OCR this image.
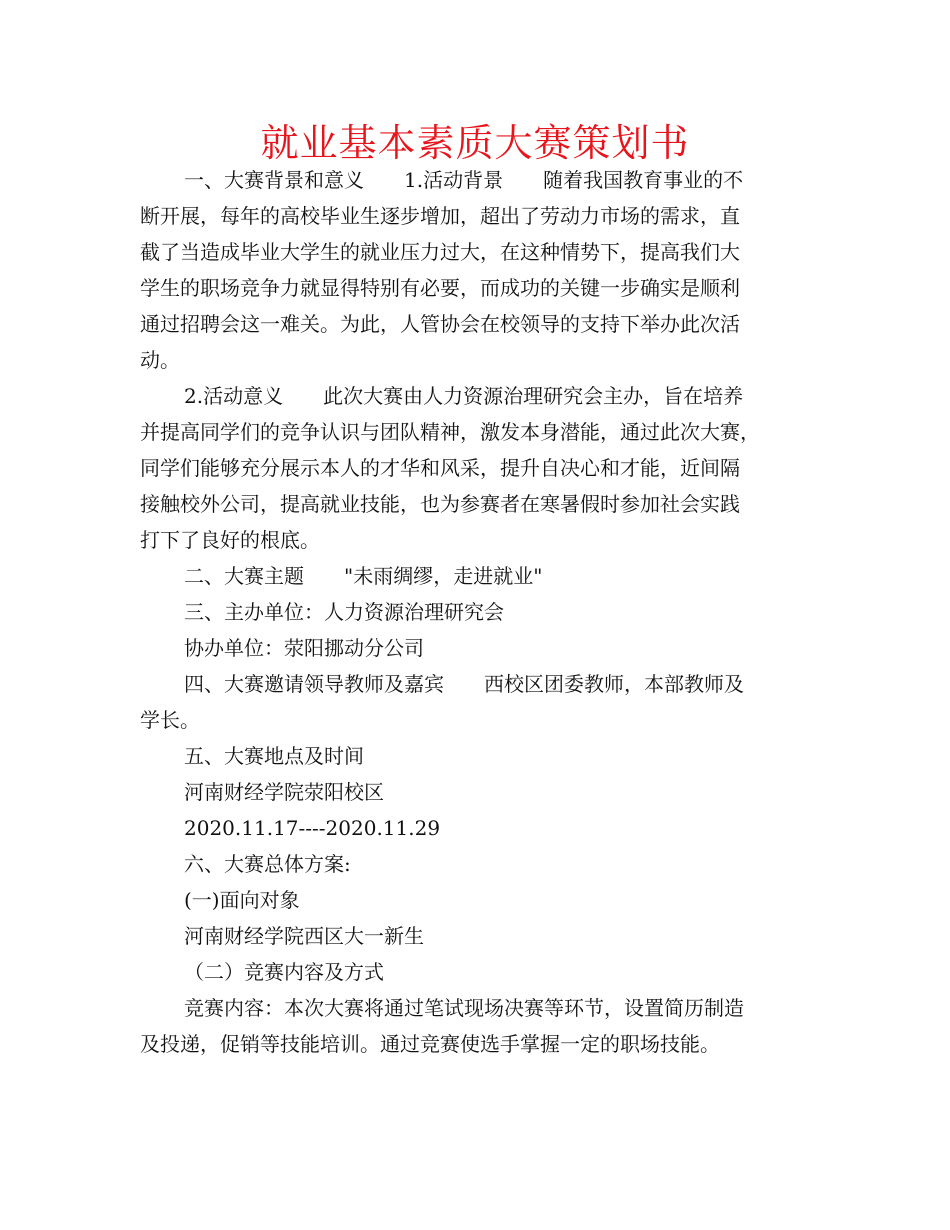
就业基本素质大赛策划书
一、大赛背景和意义　　1.活动背景　　随着我国教育事业的不
断开展，每年的高校毕业生逐步增加，超出了劳动力市场的需求，直
截了当造成毕业大学生的就业压力过大，在这种情势下，提高我们大
学生的职场竞争力就显得特别有必要，而成功的关键一步确实是顺利
通过招聘会这一难关。为此，人管协会在校领导的支持下举办此次活
动。
2.活动意义　　此次大赛由人力资源治理研究会主办，旨在培养
并提高同学们的竞争认识与团队精神，激发本身潜能，通过此次大赛，
同学们能够充分展示本人的才华和风采，提升自决心和才能，近间隔
接触校外公司，提高就业技能，也为参赛者在寒暑假时参加社会实践
打下了良好的根底。
二、大赛主题　　"未雨绸缪，走进就业"
三、主办单位：人力资源治理研究会
协办单位：荥阳挪动分公司
四、大赛邀请领导教师及嘉宾　　西校区团委教师，本部教师及
学长。
五、大赛地点及时间
河南财经学院荥阳校区
2020.11.17----2020.11.29
六、大赛总体方案:
(一)面向对象
河南财经学院西区大一新生
（二）竞赛内容及方式
竞赛内容：本次大赛将通过笔试现场决赛等环节，设置简历制造
及投递，促销等技能培训。通过竞赛使选手掌握一定的职场技能。
